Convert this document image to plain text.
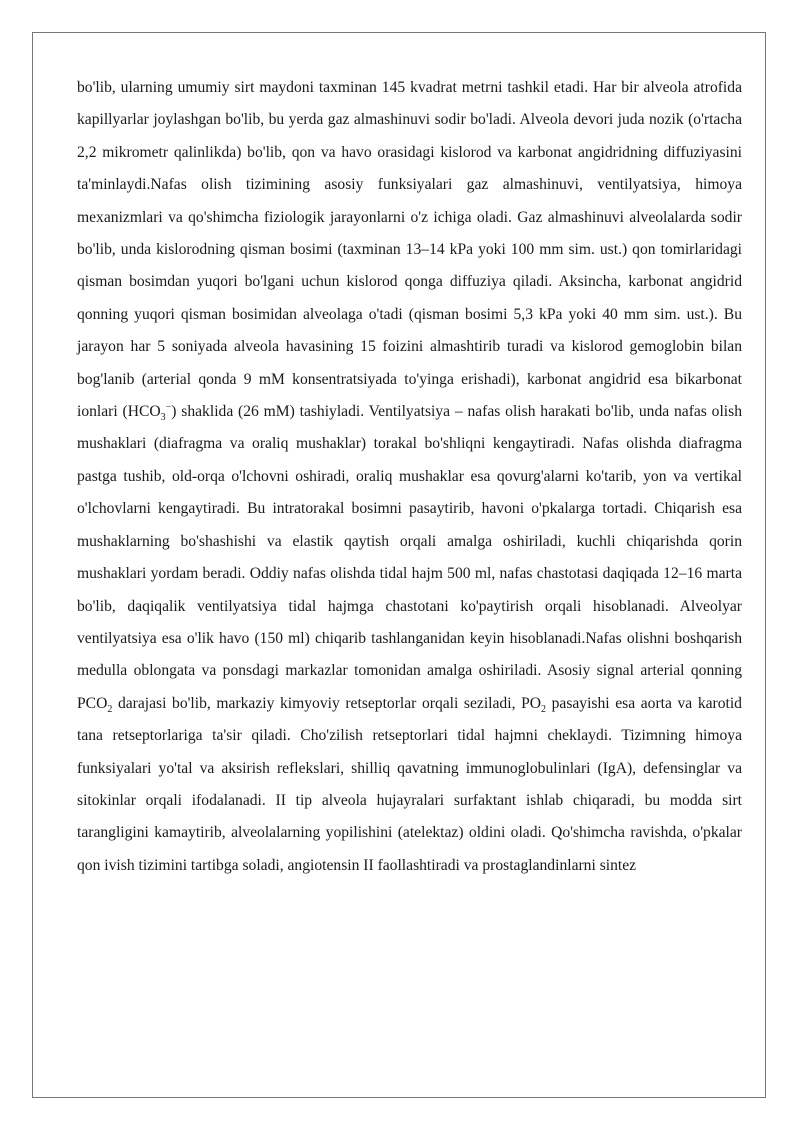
bo'lib, ularning umumiy sirt maydoni taxminan 145 kvadrat metrni tashkil etadi. Har bir alveola atrofida kapillyarlar joylashgan bo'lib, bu yerda gaz almashinuvi sodir bo'ladi. Alveola devori juda nozik (o'rtacha 2,2 mikrometr qalinlikda) bo'lib, qon va havo orasidagi kislorod va karbonat angidridning diffuziyasini ta'minlaydi.Nafas olish tizimining asosiy funksiyalari gaz almashinuvi, ventilyatsiya, himoya mexanizmlari va qo'shimcha fiziologik jarayonlarni o'z ichiga oladi. Gaz almashinuvi alveolalarda sodir bo'lib, unda kislorodning qisman bosimi (taxminan 13–14 kPa yoki 100 mm sim. ust.) qon tomirlaridagi qisman bosimdan yuqori bo'lgani uchun kislorod qonga diffuziya qiladi. Aksincha, karbonat angidrid qonning yuqori qisman bosimidan alveolaga o'tadi (qisman bosimi 5,3 kPa yoki 40 mm sim. ust.). Bu jarayon har 5 soniyada alveola havasining 15 foizini almashtirib turadi va kislorod gemoglobin bilan bog'lanib (arterial qonda 9 mM konsentratsiyada to'yinga erishadi), karbonat angidrid esa bikarbonat ionlari $(HCO_3^-)$ shaklida (26 mM) tashiyladi. Ventilyatsiya – nafas olish harakati bo'lib, unda nafas olish mushaklari (diafragma va oraliq mushaklar) torakal bo'shliqni kengaytiradi. Nafas olishda diafragma pastga tushib, old-orqa o'lchovni oshiradi, oraliq mushaklar esa qovurg'alarni ko'tarib, yon va vertikal o'lchovlarni kengaytiradi. Bu intratorakal bosimni pasaytirib, havoni o'pkalarga tortadi. Chiqarish esa mushaklarning bo'shashishi va elastik qaytish orqali amalga oshiriladi, kuchli chiqarishda qorin mushaklari yordam beradi. Oddiy nafas olishda tidal hajm 500 ml, nafas chastotasi daqiqada 12–16 marta bo'lib, daqiqalik ventilyatsiya tidal hajmga chastotani ko'paytirish orqali hisoblanadi. Alveolyar ventilyatsiya esa o'lik havo (150 ml) chiqarib tashlanganidan keyin hisoblanadi.Nafas olishni boshqarish medulla oblongata va ponsdagi markazlar tomonidan amalga oshiriladi. Asosiy signal arterial qonning $PCO_2$ darajasi bo'lib, markaziy kimyoviy retseptorlar orqali seziladi, $PO_2$ pasayishi esa aorta va karotid tana retseptorlariga ta'sir qiladi. Cho'zilish retseptorlari tidal hajmni cheklaydi. Tizimning himoya funksiyalari yo'tal va aksirish reflekslari, shilliq qavatning immunoglobulinlari (IgA), defensinglar va sitokinlar orqali ifodalanadi. II tip alveola hujayralari surfaktant ishlab chiqaradi, bu modda sirt tarangligini kamaytirib, alveolalarning yopilishini (atelektaz) oldini oladi. Qo'shimcha ravishda, o'pkalar qon ivish tizimini tartibga soladi, angiotensin II faollashtiradi va prostaglandinlarni sintez
